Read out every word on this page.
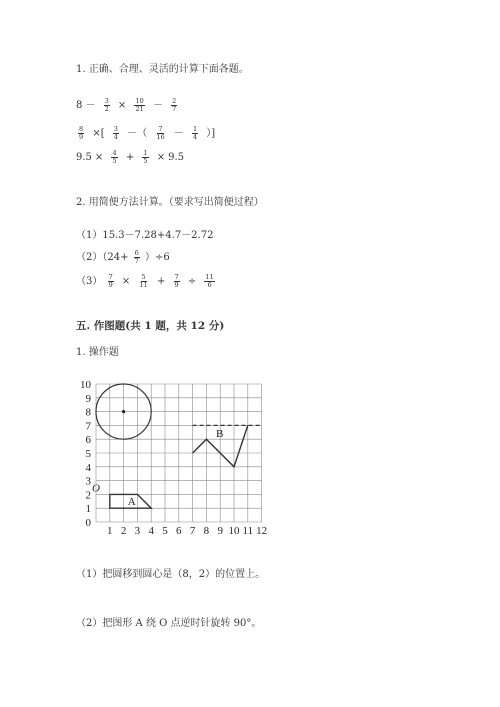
1. 正确、合理、灵活的计算下面各题。
$8 - \frac{3}{2} \times \frac{10}{21} - \frac{2}{7}$
$\frac{8}{9}$ ×[ $\frac{3}{4}$ －（ $\frac{7}{16} - \frac{1}{4}$ ）]
$9.5 \times \frac{4}{5} + \frac{1}{5} \times 9.5$
2. 用简便方法计算。（要求写出简便过程）
（1）15.3－7.28+4.7－2.72
$(2)(24+ \frac{6}{7} )\div 6$
$(3) \frac{7}{9} \times \frac{5}{11} + \frac{7}{9} \div \frac{11}{6}$
五. 作图题(共 1 题，共 12 分)
1. 操作题
1 2 3 4 5 6 7 8 9 10 11 12
0
1
2
3
4
5
6
7
8
9
10
O
A
B
（1）把圆移到圆心是（8，2）的位置上。
（2）把图形 A 绕 O 点逆时针旋转 90°。
